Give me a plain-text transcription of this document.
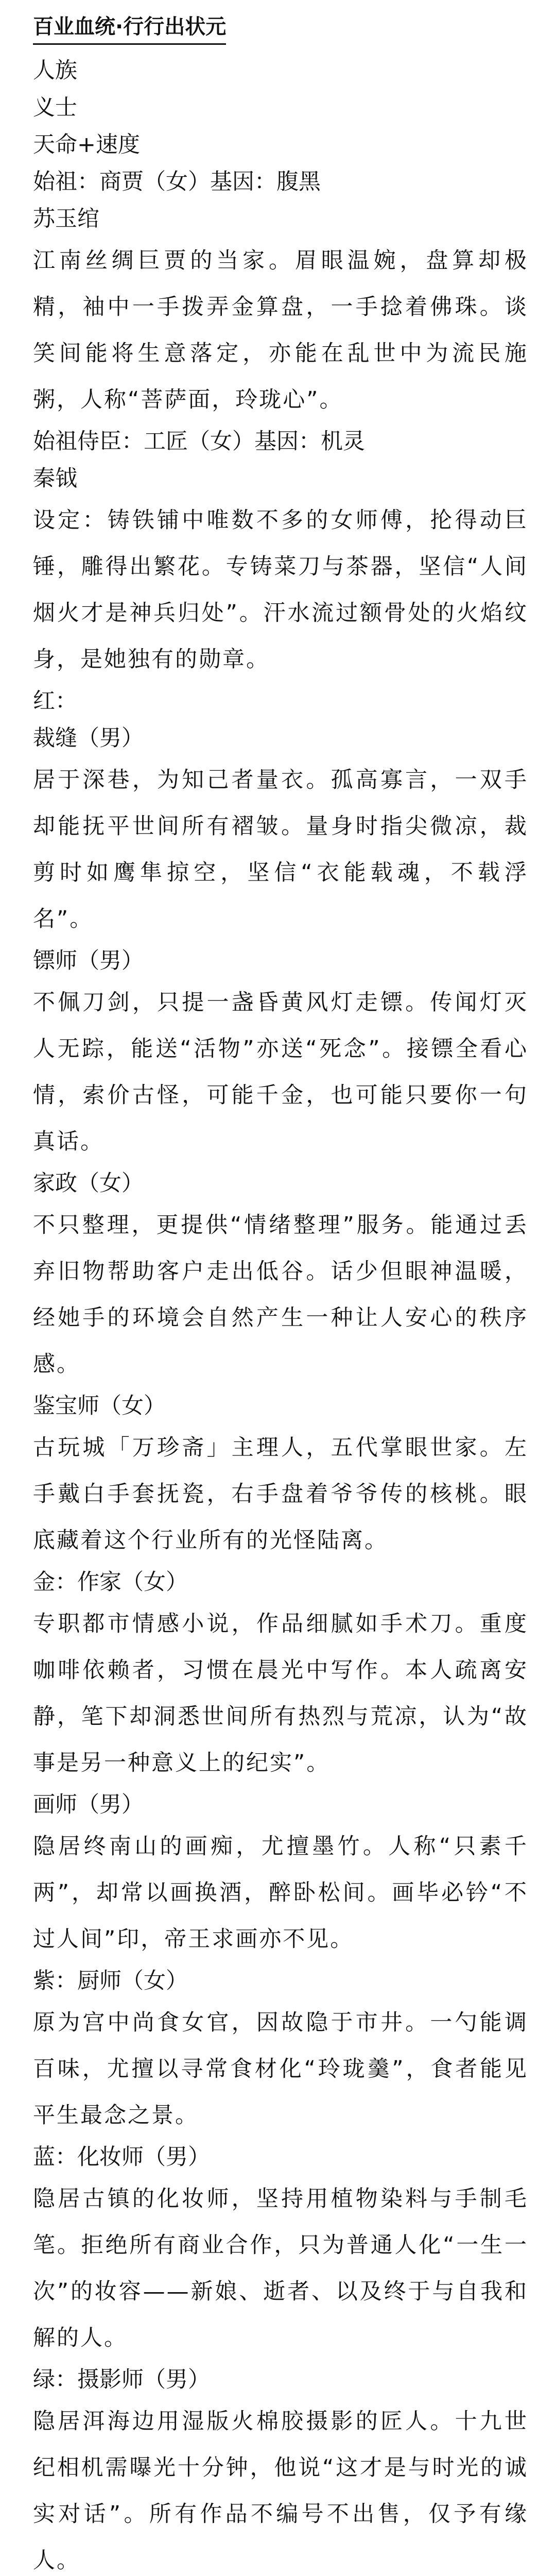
百业血统·行行出状元
人族
义士
天命+速度
始祖：商贾（女）基因：腹黑
苏玉绾
江南丝绸巨贾的当家。眉眼温婉，盘算却极精，袖中一手拨弄金算盘，一手捻着佛珠。谈笑间能将生意落定，亦能在乱世中为流民施粥，人称“菩萨面，玲珑心”。
始祖侍臣：工匠（女）基因：机灵
秦钺
设定：铸铁铺中唯数不多的女师傅，抡得动巨锤，雕得出繁花。专铸菜刀与茶器，坚信“人间烟火才是神兵归处”。汗水流过额骨处的火焰纹身，是她独有的勋章。
红：
裁缝（男）
居于深巷，为知己者量衣。孤高寡言，一双手却能抚平世间所有褶皱。量身时指尖微凉，裁剪时如鹰隼掠空，坚信“衣能载魂，不载浮名”。
镖师（男）
不佩刀剑，只提一盏昏黄风灯走镖。传闻灯灭人无踪，能送“活物”亦送“死念”。接镖全看心情，索价古怪，可能千金，也可能只要你一句真话。
家政（女）
不只整理，更提供“情绪整理”服务。能通过丢弃旧物帮助客户走出低谷。话少但眼神温暖，经她手的环境会自然产生一种让人安心的秩序感。
鉴宝师（女）
古玩城「万珍斋」主理人，五代掌眼世家。左手戴白手套抚瓷，右手盘着爷爷传的核桃。眼底藏着这个行业所有的光怪陆离。
金：作家（女）
专职都市情感小说，作品细腻如手术刀。重度咖啡依赖者，习惯在晨光中写作。本人疏离安静，笔下却洞悉世间所有热烈与荒凉，认为“故事是另一种意义上的纪实”。
画师（男）
隐居终南山的画痴，尤擅墨竹。人称“只素千两”，却常以画换酒，醉卧松间。画毕必钤“不过人间”印，帝王求画亦不见。
紫：厨师（女）
原为宫中尚食女官，因故隐于市井。一勺能调百味，尤擅以寻常食材化“玲珑羹”，食者能见平生最念之景。
蓝：化妆师（男）
隐居古镇的化妆师，坚持用植物染料与手制毛笔。拒绝所有商业合作，只为普通人化“一生一次”的妆容——新娘、逝者、以及终于与自我和解的人。
绿：摄影师（男）
隐居洱海边用湿版火棉胶摄影的匠人。十九世纪相机需曝光十分钟，他说“这才是与时光的诚实对话”。所有作品不编号不出售，仅予有缘人。
